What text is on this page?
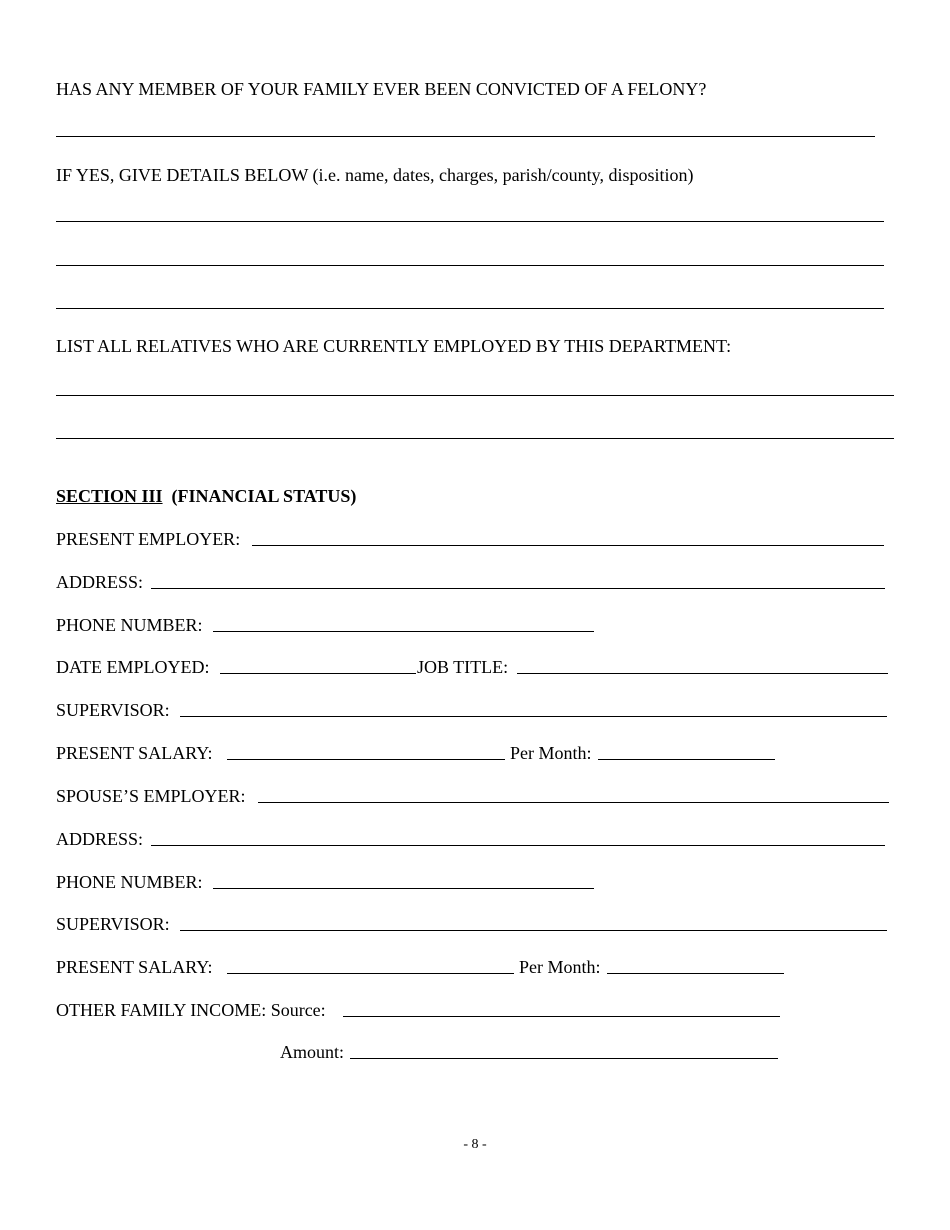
HAS ANY MEMBER OF YOUR FAMILY EVER BEEN CONVICTED OF A FELONY?
IF YES, GIVE DETAILS BELOW (i.e. name, dates, charges, parish/county, disposition)
LIST ALL RELATIVES WHO ARE CURRENTLY EMPLOYED BY THIS DEPARTMENT:
SECTION III (FINANCIAL STATUS)
PRESENT EMPLOYER:
ADDRESS:
PHONE NUMBER:
DATE EMPLOYED:	JOB TITLE:
SUPERVISOR:
PRESENT SALARY:	Per Month:
SPOUSE’S EMPLOYER:
ADDRESS:
PHONE NUMBER:
SUPERVISOR:
PRESENT SALARY:	Per Month:
OTHER FAMILY INCOME: Source:
Amount:
- 8 -
